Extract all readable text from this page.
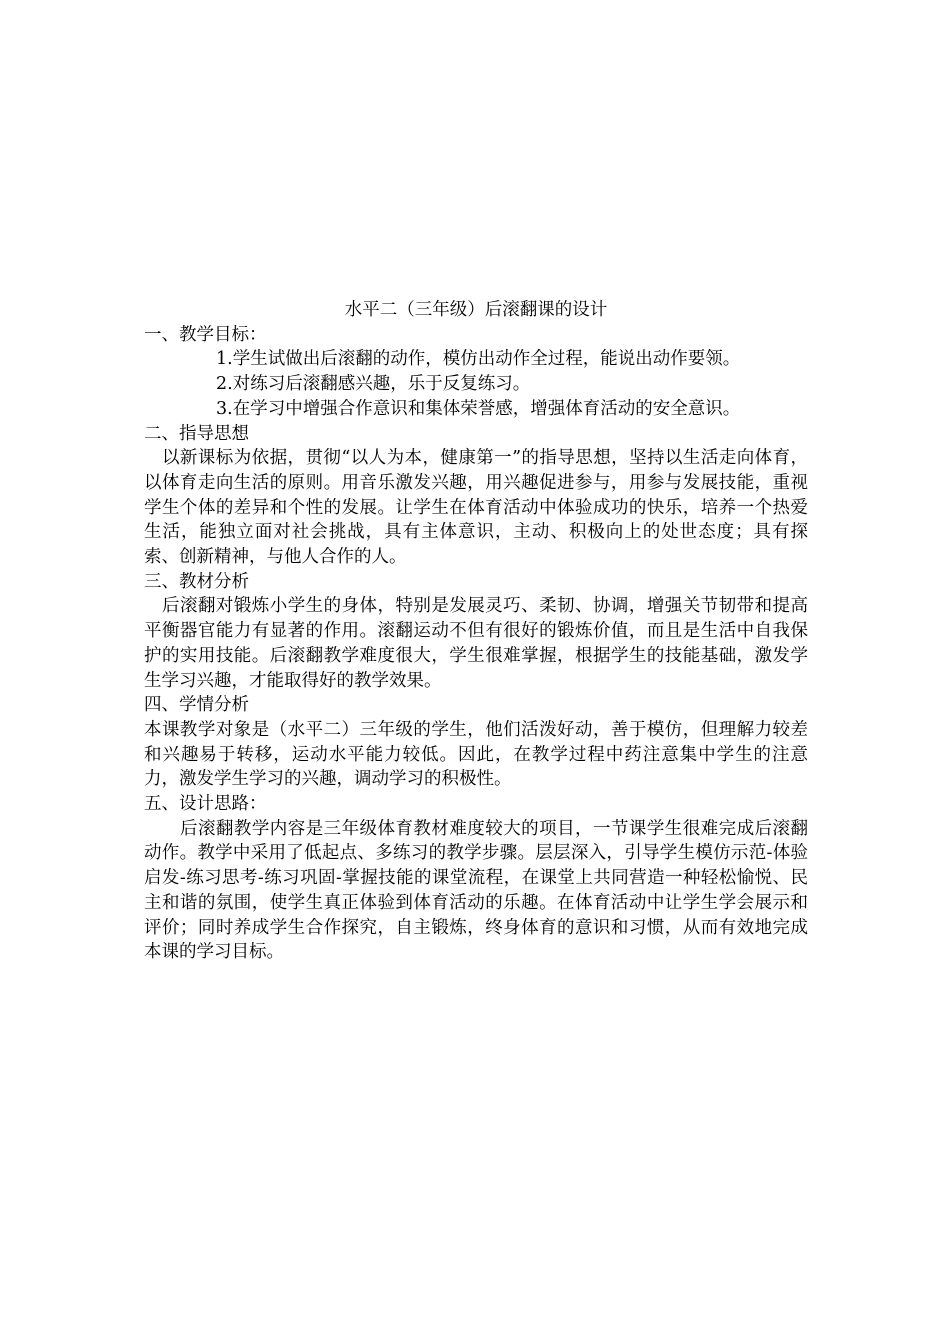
水平二（三年级）后滚翻课的设计

一、教学目标：

1.学生试做出后滚翻的动作，模仿出动作全过程，能说出动作要领。
2.对练习后滚翻感兴趣，乐于反复练习。
3.在学习中增强合作意识和集体荣誉感，增强体育活动的安全意识。

二、指导思想

以新课标为依据，贯彻“以人为本，健康第一”的指导思想，坚持以生活走向体育，以体育走向生活的原则。用音乐激发兴趣，用兴趣促进参与，用参与发展技能，重视学生个体的差异和个性的发展。让学生在体育活动中体验成功的快乐，培养一个热爱生活，能独立面对社会挑战，具有主体意识，主动、积极向上的处世态度；具有探索、创新精神，与他人合作的人。

三、教材分析

后滚翻对锻炼小学生的身体，特别是发展灵巧、柔韧、协调，增强关节韧带和提高平衡器官能力有显著的作用。滚翻运动不但有很好的锻炼价值，而且是生活中自我保护的实用技能。后滚翻教学难度很大，学生很难掌握，根据学生的技能基础，激发学生学习兴趣，才能取得好的教学效果。

四、学情分析

本课教学对象是（水平二）三年级的学生，他们活泼好动，善于模仿，但理解力较差和兴趣易于转移，运动水平能力较低。因此，在教学过程中药注意集中学生的注意力，激发学生学习的兴趣，调动学习的积极性。

五、设计思路：

后滚翻教学内容是三年级体育教材难度较大的项目，一节课学生很难完成后滚翻动作。教学中采用了低起点、多练习的教学步骤。层层深入，引导学生模仿示范-体验启发-练习思考-练习巩固-掌握技能的课堂流程，在课堂上共同营造一种轻松愉悦、民主和谐的氛围，使学生真正体验到体育活动的乐趣。在体育活动中让学生学会展示和评价；同时养成学生合作探究，自主锻炼，终身体育的意识和习惯，从而有效地完成本课的学习目标。
